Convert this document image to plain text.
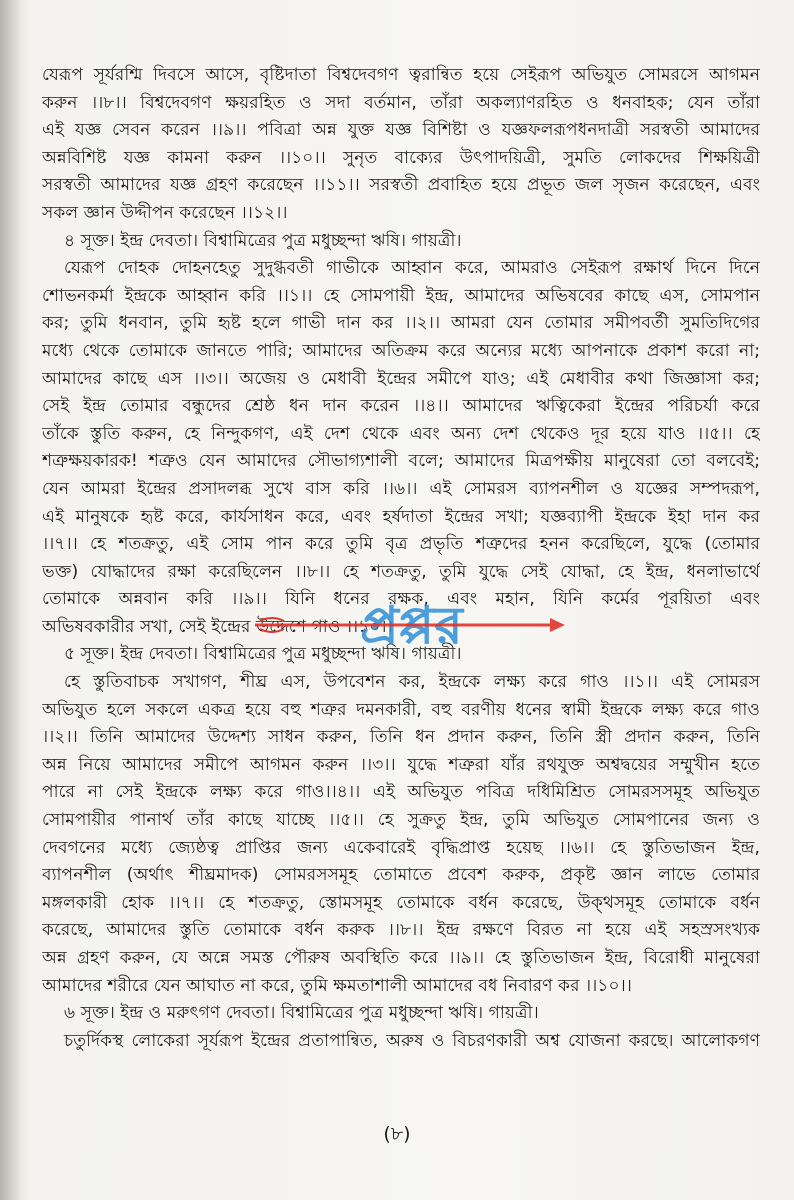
যেরূপ সূর্যরশ্মি দিবসে আসে, বৃষ্টিদাতা বিশ্বদেবগণ ত্বরান্বিত হয়ে সেইরূপ অভিযুত সোমরসে আগমন
করুন ।।৮।। বিশ্বদেবগণ ক্ষয়রহিত ও সদা বর্তমান, তাঁরা অকল্যাণরহিত ও ধনবাহক; যেন তাঁরা
এই যজ্ঞ সেবন করেন ।।৯।। পবিত্রা অন্ন যুক্ত যজ্ঞ বিশিষ্টা ও যজ্ঞফলরূপধনদাত্রী সরস্বতী আমাদের
অন্নবিশিষ্ট যজ্ঞ কামনা করুন ।।১০।। সুনৃত বাক্যের উৎপাদয়িত্রী, সুমতি লোকদের শিক্ষয়িত্রী
সরস্বতী আমাদের যজ্ঞ গ্রহণ করেছেন ।।১১।। সরস্বতী প্রবাহিত হয়ে প্রভূত জল সৃজন করেছেন, এবং
সকল জ্ঞান উদ্দীপন করেছেন ।।১২।।
৪ সূক্ত। ইন্দ্র দেবতা। বিশ্বামিত্রের পুত্র মধুচ্ছন্দা ঋষি। গায়ত্রী।
যেরূপ দোহক দোহনহেতু সুদুগ্ধবতী গাভীকে আহ্বান করে, আমরাও সেইরূপ রক্ষার্থ দিনে দিনে
শোভনকর্মা ইন্দ্রকে আহ্বান করি ।।১।। হে সোমপায়ী ইন্দ্র, আমাদের অভিষবের কাছে এস, সোমপান
কর; তুমি ধনবান, তুমি হৃষ্ট হলে গাভী দান কর ।।২।। আমরা যেন তোমার সমীপবর্তী সুমতিদিগের
মধ্যে থেকে তোমাকে জানতে পারি; আমাদের অতিক্রম করে অন্যের মধ্যে আপনাকে প্রকাশ করো না;
আমাদের কাছে এস ।।৩।। অজেয় ও মেধাবী ইন্দ্রের সমীপে যাও; এই মেধাবীর কথা জিজ্ঞাসা কর;
সেই ইন্দ্র তোমার বন্ধুদের শ্রেষ্ঠ ধন দান করেন ।।৪।। আমাদের ঋত্বিকেরা ইন্দ্রের পরিচর্যা করে
তাঁকে স্তুতি করুন, হে নিন্দুকগণ, এই দেশ থেকে এবং অন্য দেশ থেকেও দূর হয়ে যাও ।।৫।। হে
শত্রুক্ষয়কারক! শত্রুও যেন আমাদের সৌভাগ্যশালী বলে; আমাদের মিত্রপক্ষীয় মানুষেরা তো বলবেই;
যেন আমরা ইন্দ্রের প্রসাদলব্ধ সুখে বাস করি ।।৬।। এই সোমরস ব্যাপনশীল ও যজ্ঞের সম্পদরূপ,
এই মানুষকে হৃষ্ট করে, কার্যসাধন করে, এবং হর্ষদাতা ইন্দ্রের সখা; যজ্ঞব্যাপী ইন্দ্রকে ইহা দান কর
।।৭।। হে শতক্রতু, এই সোম পান করে তুমি বৃত্র প্রভৃতি শত্রুদের হনন করেছিলে, যুদ্ধে (তোমার
ভক্ত) যোদ্ধাদের রক্ষা করেছিলেন ।।৮।। হে শতক্রতু, তুমি যুদ্ধে সেই যোদ্ধা, হে ইন্দ্র, ধনলাভার্থে
তোমাকে অন্নবান করি ।।৯।। যিনি ধনের রক্ষক, এবং মহান, যিনি কর্মের পূরয়িতা এবং
অভিষবকারীর সখা, সেই ইন্দ্রের উদ্দেশে গাও ।।১০।।
৫ সূক্ত। ইন্দ্র দেবতা। বিশ্বামিত্রের পুত্র মধুচ্ছন্দা ঋষি। গায়ত্রী।
হে স্তুতিবাচক সখাগণ, শীঘ্র এস, উপবেশন কর, ইন্দ্রকে লক্ষ্য করে গাও ।।১।। এই সোমরস
অভিযুত হলে সকলে একত্র হয়ে বহু শত্রুর দমনকারী, বহু বরণীয় ধনের স্বামী ইন্দ্রকে লক্ষ্য করে গাও
।।২।। তিনি আমাদের উদ্দেশ্য সাধন করুন, তিনি ধন প্রদান করুন, তিনি স্ত্রী প্রদান করুন, তিনি
অন্ন নিয়ে আমাদের সমীপে আগমন করুন ।।৩।। যুদ্ধে শত্রুরা যাঁর রথযুক্ত অশ্বদ্বয়ের সম্মুখীন হতে
পারে না সেই ইন্দ্রকে লক্ষ্য করে গাও।।৪।। এই অভিযুত পবিত্র দধিমিশ্রিত সোমরসসমূহ অভিযুত
সোমপায়ীর পানার্থ তাঁর কাছে যাচ্ছে ।।৫।। হে সুক্রতু ইন্দ্র, তুমি অভিযুত সোমপানের জন্য ও
দেবগনের মধ্যে জ্যেষ্ঠত্ব প্রাপ্তির জন্য একেবারেই বৃদ্ধিপ্রাপ্ত হয়েছ ।।৬।। হে স্তুতিভাজন ইন্দ্র,
ব্যাপনশীল (অর্থাৎ শীঘ্রমাদক) সোমরসসমূহ তোমাতে প্রবেশ করুক, প্রকৃষ্ট জ্ঞান লাভে তোমার
মঙ্গলকারী হোক ।।৭।। হে শতক্রতু, স্তোমসমূহ তোমাকে বর্ধন করেছে, উক্থসমূহ তোমাকে বর্ধন
করেছে, আমাদের স্তুতি তোমাকে বর্ধন করুক ।।৮।। ইন্দ্র রক্ষণে বিরত না হয়ে এই সহস্রসংখ্যক
অন্ন গ্রহণ করুন, যে অন্নে সমস্ত পৌরুষ অবস্থিতি করে ।।৯।। হে স্তুতিভাজন ইন্দ্র, বিরোধী মানুষেরা
আমাদের শরীরে যেন আঘাত না করে, তুমি ক্ষমতাশালী আমাদের বধ নিবারণ কর ।।১০।।
৬ সূক্ত। ইন্দ্র ও মরুৎগণ দেবতা। বিশ্বামিত্রের পুত্র মধুচ্ছন্দা ঋষি। গায়ত্রী।
চতুর্দিকস্থ লোকেরা সূর্যরূপ ইন্দ্রের প্রতাপান্বিত, অরুষ ও বিচরণকারী অশ্ব যোজনা করছে। আলোকগণ
প্রপ্পর
(৮)
